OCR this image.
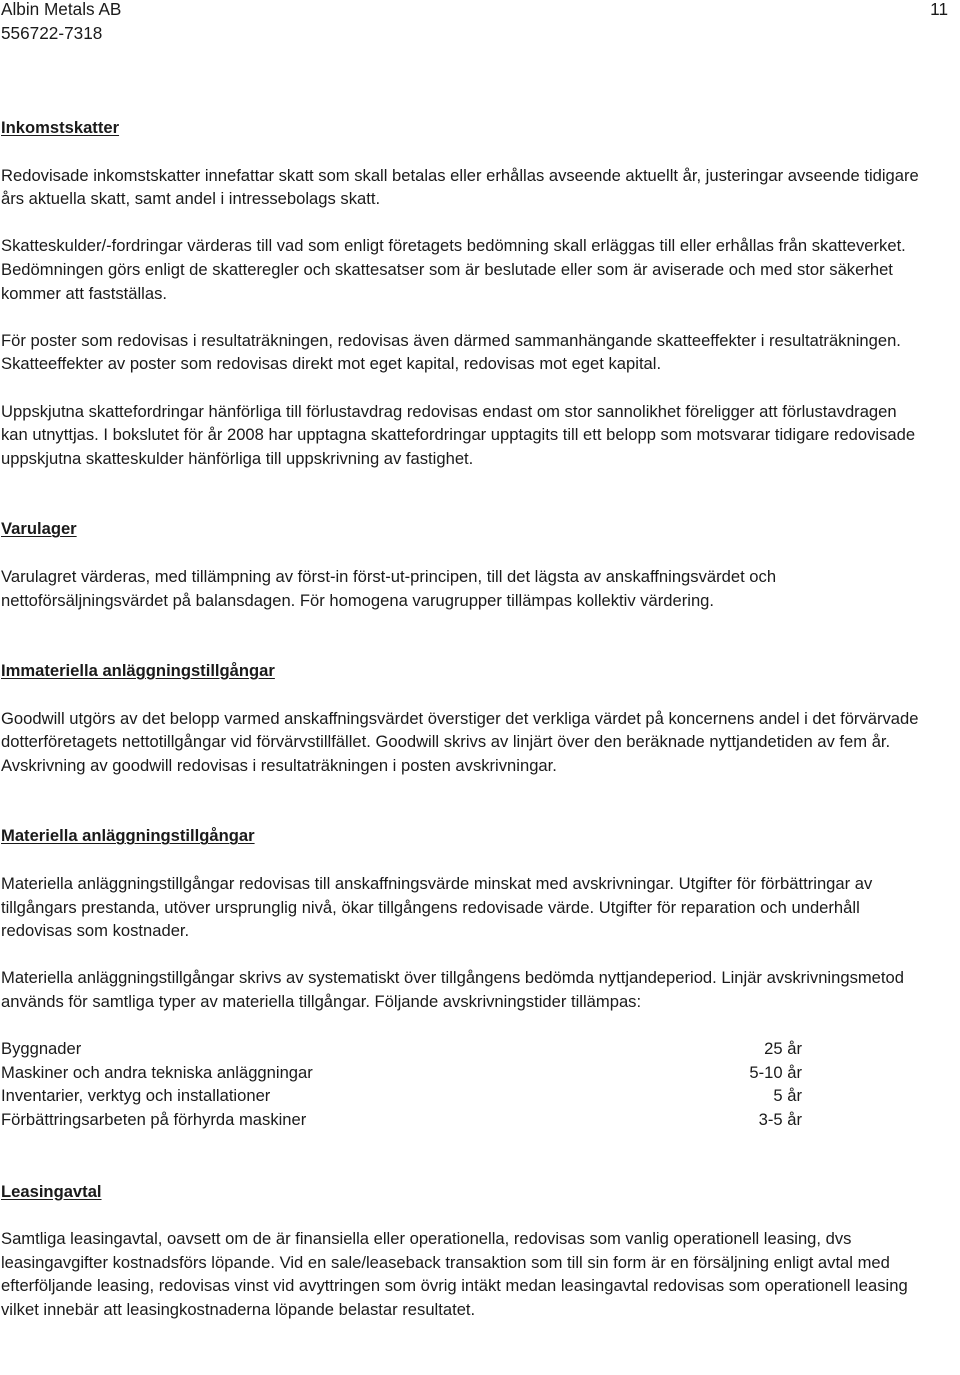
Albin Metals AB
556722-7318
11
Inkomstskatter

Redovisade inkomstskatter innefattar skatt som skall betalas eller erhållas avseende aktuellt år, justeringar avseende tidigare års aktuella skatt, samt andel i intressebolags skatt.

Skatteskulder/-fordringar värderas till vad som enligt företagets bedömning skall erläggas till eller erhållas från skatteverket. Bedömningen görs enligt de skatteregler och skattesatser som är beslutade eller som är aviserade och med stor säkerhet kommer att fastställas.

För poster som redovisas i resultaträkningen, redovisas även därmed sammanhängande skatteeffekter i resultaträkningen. Skatteeffekter av poster som redovisas direkt mot eget kapital, redovisas mot eget kapital.

Uppskjutna skattefordringar hänförliga till förlustavdrag redovisas endast om stor sannolikhet föreligger att förlustavdragen kan utnyttjas. I bokslutet för år 2008 har upptagna skattefordringar upptagits till ett belopp som motsvarar tidigare redovisade uppskjutna skatteskulder hänförliga till uppskrivning av fastighet.

Varulager

Varulagret värderas, med tillämpning av först-in först-ut-principen, till det lägsta av anskaffningsvärdet och nettoförsäljningsvärdet på balansdagen. För homogena varugrupper tillämpas kollektiv värdering.

Immateriella anläggningstillgångar

Goodwill utgörs av det belopp varmed anskaffningsvärdet överstiger det verkliga värdet på koncernens andel i det förvärvade dotterföretagets nettotillgångar vid förvärvstillfället. Goodwill skrivs av linjärt över den beräknade nyttjandetiden av fem år. Avskrivning av goodwill redovisas i resultaträkningen i posten avskrivningar.

Materiella anläggningstillgångar

Materiella anläggningstillgångar redovisas till anskaffningsvärde minskat med avskrivningar. Utgifter för förbättringar av tillgångars prestanda, utöver ursprunglig nivå, ökar tillgångens redovisade värde. Utgifter för reparation och underhåll redovisas som kostnader.

Materiella anläggningstillgångar skrivs av systematiskt över tillgångens bedömda nyttjandeperiod. Linjär avskrivningsmetod används för samtliga typer av materiella tillgångar. Följande avskrivningstider tillämpas:

Byggnader	25 år
Maskiner och andra tekniska anläggningar	5-10 år
Inventarier, verktyg och installationer	5 år
Förbättringsarbeten på förhyrda maskiner	3-5 år
Leasingavtal

Samtliga leasingavtal, oavsett om de är finansiella eller operationella, redovisas som vanlig operationell leasing, dvs leasingavgifter kostnadsförs löpande. Vid en sale/leaseback transaktion som till sin form är en försäljning enligt avtal med efterföljande leasing, redovisas vinst vid avyttringen som övrig intäkt medan leasingavtal redovisas som operationell leasing vilket innebär att leasingkostnaderna löpande belastar resultatet.
